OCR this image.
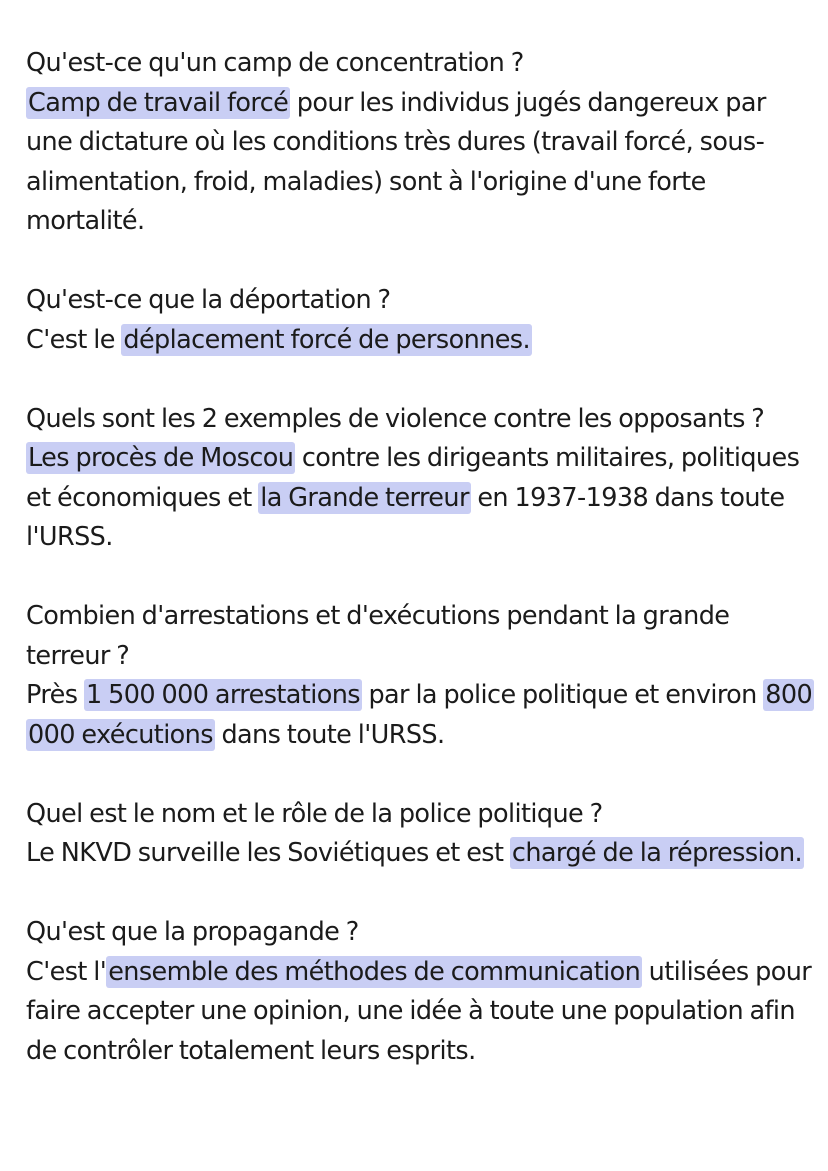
Qu'est-ce qu'un camp de concentration ?
Camp de travail forcé pour les individus jugés dangereux par une dictature où les conditions très dures (travail forcé, sous-alimentation, froid, maladies) sont à l'origine d'une forte mortalité.
Qu'est-ce que la déportation ?
C'est le déplacement forcé de personnes.
Quels sont les 2 exemples de violence contre les opposants ?
Les procès de Moscou contre les dirigeants militaires, politiques et économiques et la Grande terreur en 1937-1938 dans toute l'URSS.
Combien d'arrestations et d'exécutions pendant la grande terreur ?
Près 1 500 000 arrestations par la police politique et environ 800 000 exécutions dans toute l'URSS.
Quel est le nom et le rôle de la police politique ?
Le NKVD surveille les Soviétiques et est chargé de la répression.
Qu'est que la propagande ?
C'est l'ensemble des méthodes de communication utilisées pour faire accepter une opinion, une idée à toute une population afin de contrôler totalement leurs esprits.
